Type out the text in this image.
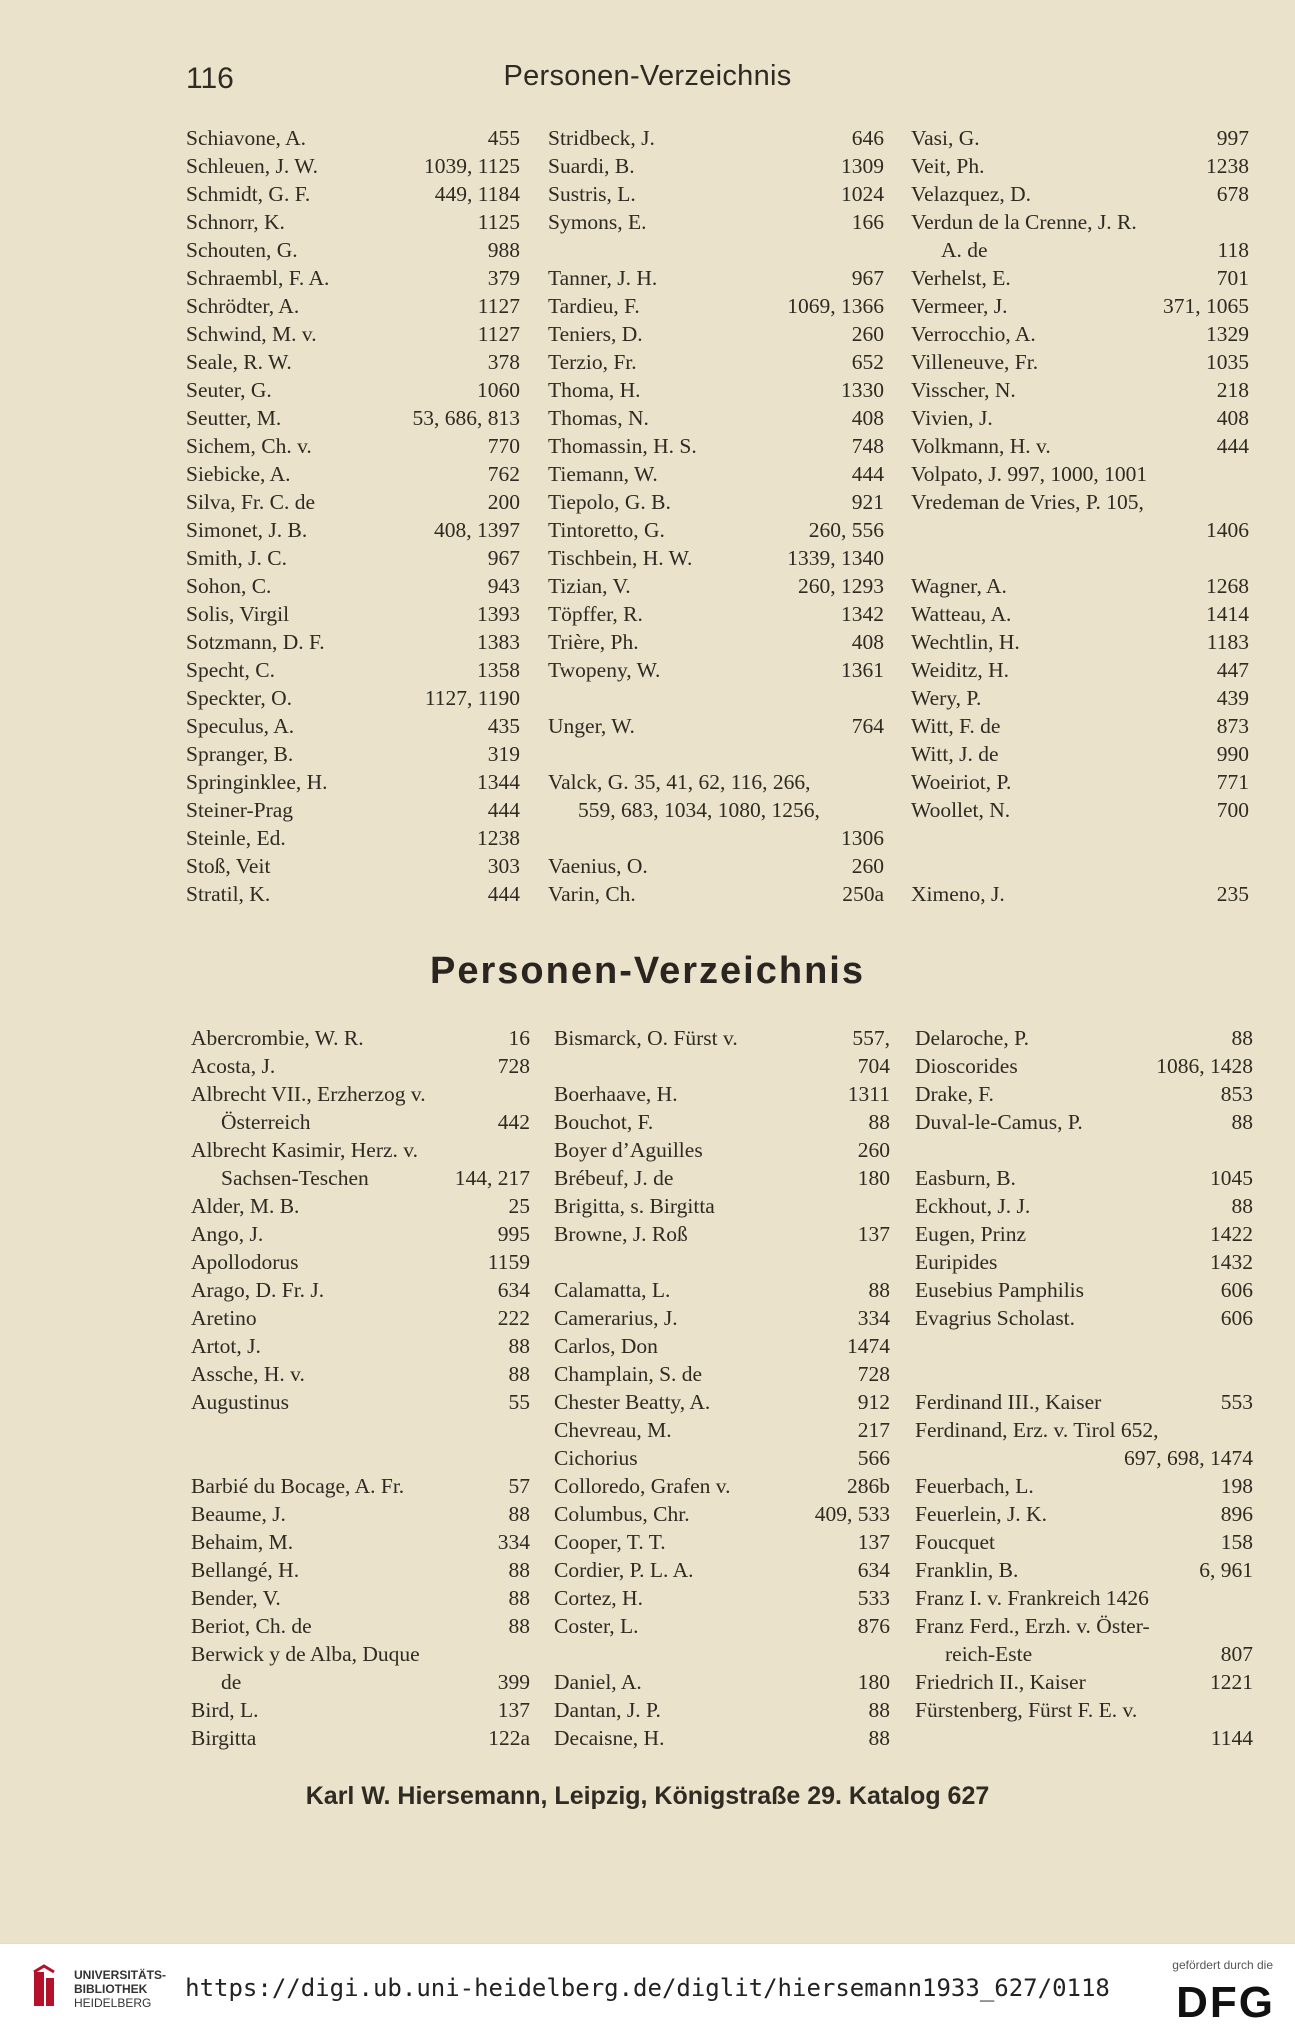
116	Personen-Verzeichnis
Schiavone, A.	455
Schleuen, J. W.	1039, 1125
Schmidt, G. F.	449, 1184
Schnorr, K.	1125
Schouten, G.	988
Schraembl, F. A.	379
Schrödter, A.	1127
Schwind, M. v.	1127
Seale, R. W.	378
Seuter, G.	1060
Seutter, M.	53, 686, 813
Sichem, Ch. v.	770
Siebicke, A.	762
Silva, Fr. C. de	200
Simonet, J. B.	408, 1397
Smith, J. C.	967
Sohon, C.	943
Solis, Virgil	1393
Sotzmann, D. F.	1383
Specht, C.	1358
Speckter, O.	1127, 1190
Speculus, A.	435
Spranger, B.	319
Springinklee, H.	1344
Steiner-Prag	444
Steinle, Ed.	1238
Stoß, Veit	303
Stratil, K.	444
Stridbeck, J.	646
Suardi, B.	1309
Sustris, L.	1024
Symons, E.	166
Tanner, J. H.	967
Tardieu, F.	1069, 1366
Teniers, D.	260
Terzio, Fr.	652
Thoma, H.	1330
Thomas, N.	408
Thomassin, H. S.	748
Tiemann, W.	444
Tiepolo, G. B.	921
Tintoretto, G.	260, 556
Tischbein, H. W.	1339, 1340
Tizian, V.	260, 1293
Töpffer, R.	1342
Trière, Ph.	408
Twopeny, W.	1361
Unger, W.	764
Valck, G. 35, 41, 62, 116, 266,
559, 683, 1034, 1080, 1256,
1306
Vaenius, O.	260
Varin, Ch.	250a
Vasi, G.	997
Veit, Ph.	1238
Velazquez, D.	678
Verdun de la Crenne, J. R.
A. de	118
Verhelst, E.	701
Vermeer, J.	371, 1065
Verrocchio, A.	1329
Villeneuve, Fr.	1035
Visscher, N.	218
Vivien, J.	408
Volkmann, H. v.	444
Volpato, J. 997, 1000, 1001
Vredeman de Vries, P. 105,
1406
Wagner, A.	1268
Watteau, A.	1414
Wechtlin, H.	1183
Weiditz, H.	447
Wery, P.	439
Witt, F. de	873
Witt, J. de	990
Woeiriot, P.	771
Woollet, N.	700
Ximeno, J.	235
Personen-Verzeichnis
Abercrombie, W. R.	16
Acosta, J.	728
Albrecht VII., Erzherzog v.
Österreich	442
Albrecht Kasimir, Herz. v.
Sachsen-Teschen	144, 217
Alder, M. B.	25
Ango, J.	995
Apollodorus	1159
Arago, D. Fr. J.	634
Aretino	222
Artot, J.	88
Assche, H. v.	88
Augustinus	55
Barbié du Bocage, A. Fr.	57
Beaume, J.	88
Behaim, M.	334
Bellangé, H.	88
Bender, V.	88
Beriot, Ch. de	88
Berwick y de Alba, Duque
de	399
Bird, L.	137
Birgitta	122a
Bismarck, O. Fürst v.	557,
704
Boerhaave, H.	1311
Bouchot, F.	88
Boyer d’Aguilles	260
Brébeuf, J. de	180
Brigitta, s. Birgitta
Browne, J. Roß	137
Calamatta, L.	88
Camerarius, J.	334
Carlos, Don	1474
Champlain, S. de	728
Chester Beatty, A.	912
Chevreau, M.	217
Cichorius	566
Colloredo, Grafen v.	286b
Columbus, Chr.	409, 533
Cooper, T. T.	137
Cordier, P. L. A.	634
Cortez, H.	533
Coster, L.	876
Daniel, A.	180
Dantan, J. P.	88
Decaisne, H.	88
Delaroche, P.	88
Dioscorides	1086, 1428
Drake, F.	853
Duval-le-Camus, P.	88
Easburn, B.	1045
Eckhout, J. J.	88
Eugen, Prinz	1422
Euripides	1432
Eusebius Pamphilis	606
Evagrius Scholast.	606
Ferdinand III., Kaiser	553
Ferdinand, Erz. v. Tirol 652,
697, 698, 1474
Feuerbach, L.	198
Feuerlein, J. K.	896
Foucquet	158
Franklin, B.	6, 961
Franz I. v. Frankreich 1426
Franz Ferd., Erzh. v. Öster-
reich-Este	807
Friedrich II., Kaiser	1221
Fürstenberg, Fürst F. E. v.
1144
Karl W. Hiersemann, Leipzig, Königstraße 29. Katalog 627
UNIVERSITÄTS-
BIBLIOTHEK
HEIDELBERG
https://digi.ub.uni-heidelberg.de/diglit/hiersemann1933_627/0118
gefördert durch die
DFG
